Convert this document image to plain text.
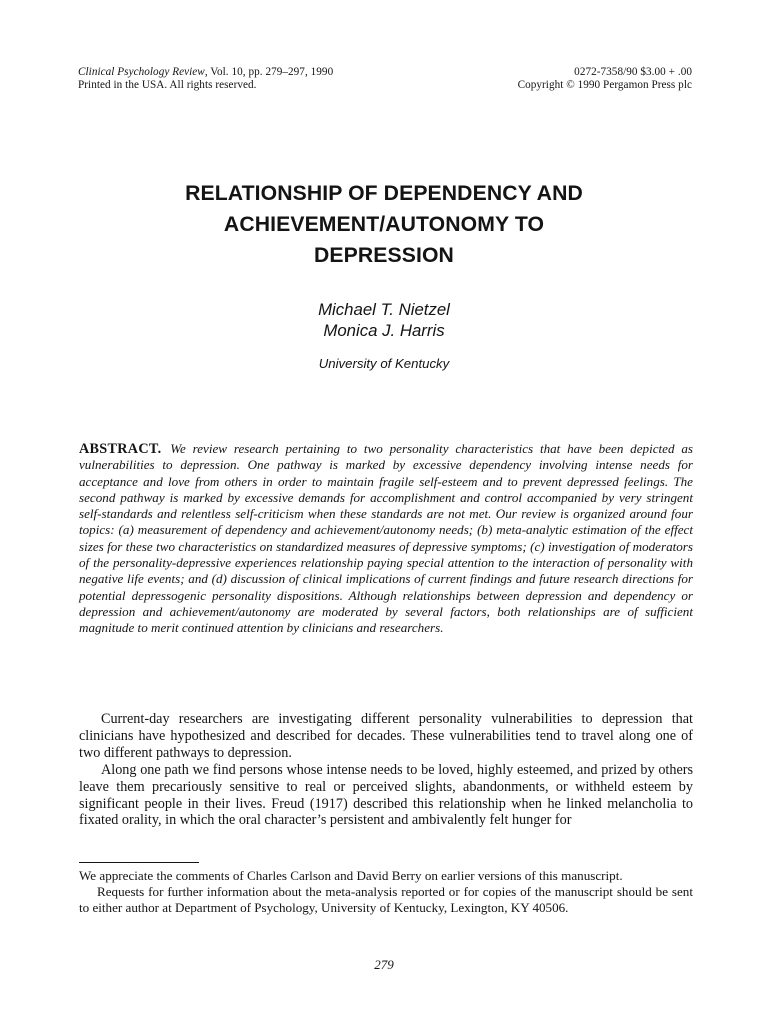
Clinical Psychology Review, Vol. 10, pp. 279–297, 1990
Printed in the USA. All rights reserved.
0272-7358/90 $3.00 + .00
Copyright © 1990 Pergamon Press plc
RELATIONSHIP OF DEPENDENCY AND
ACHIEVEMENT/AUTONOMY TO
DEPRESSION
Michael T. Nietzel
Monica J. Harris
University of Kentucky
ABSTRACT. We review research pertaining to two personality characteristics that have been depicted as vulnerabilities to depression. One pathway is marked by excessive dependency involving intense needs for acceptance and love from others in order to maintain fragile self-esteem and to prevent depressed feelings. The second pathway is marked by excessive demands for accomplishment and control accompanied by very stringent self-standards and relentless self-criticism when these standards are not met. Our review is organized around four topics: (a) measurement of dependency and achievement/autonomy needs; (b) meta-analytic estimation of the effect sizes for these two characteristics on standardized measures of depressive symptoms; (c) investigation of moderators of the personality-depressive experiences relationship paying special attention to the interaction of personality with negative life events; and (d) discussion of clinical implications of current findings and future research directions for potential depressogenic personality dispositions. Although relationships between depression and dependency or depression and achievement/autonomy are moderated by several factors, both relationships are of sufficient magnitude to merit continued attention by clinicians and researchers.

Current-day researchers are investigating different personality vulnerabilities to depression that clinicians have hypothesized and described for decades. These vulnerabilities tend to travel along one of two different pathways to depression.

Along one path we find persons whose intense needs to be loved, highly esteemed, and prized by others leave them precariously sensitive to real or perceived slights, abandonments, or withheld esteem by significant people in their lives. Freud (1917) described this relationship when he linked melancholia to fixated orality, in which the oral character’s persistent and ambivalently felt hunger for

We appreciate the comments of Charles Carlson and David Berry on earlier versions of this manuscript.

Requests for further information about the meta-analysis reported or for copies of the manuscript should be sent to either author at Department of Psychology, University of Kentucky, Lexington, KY 40506.

279
